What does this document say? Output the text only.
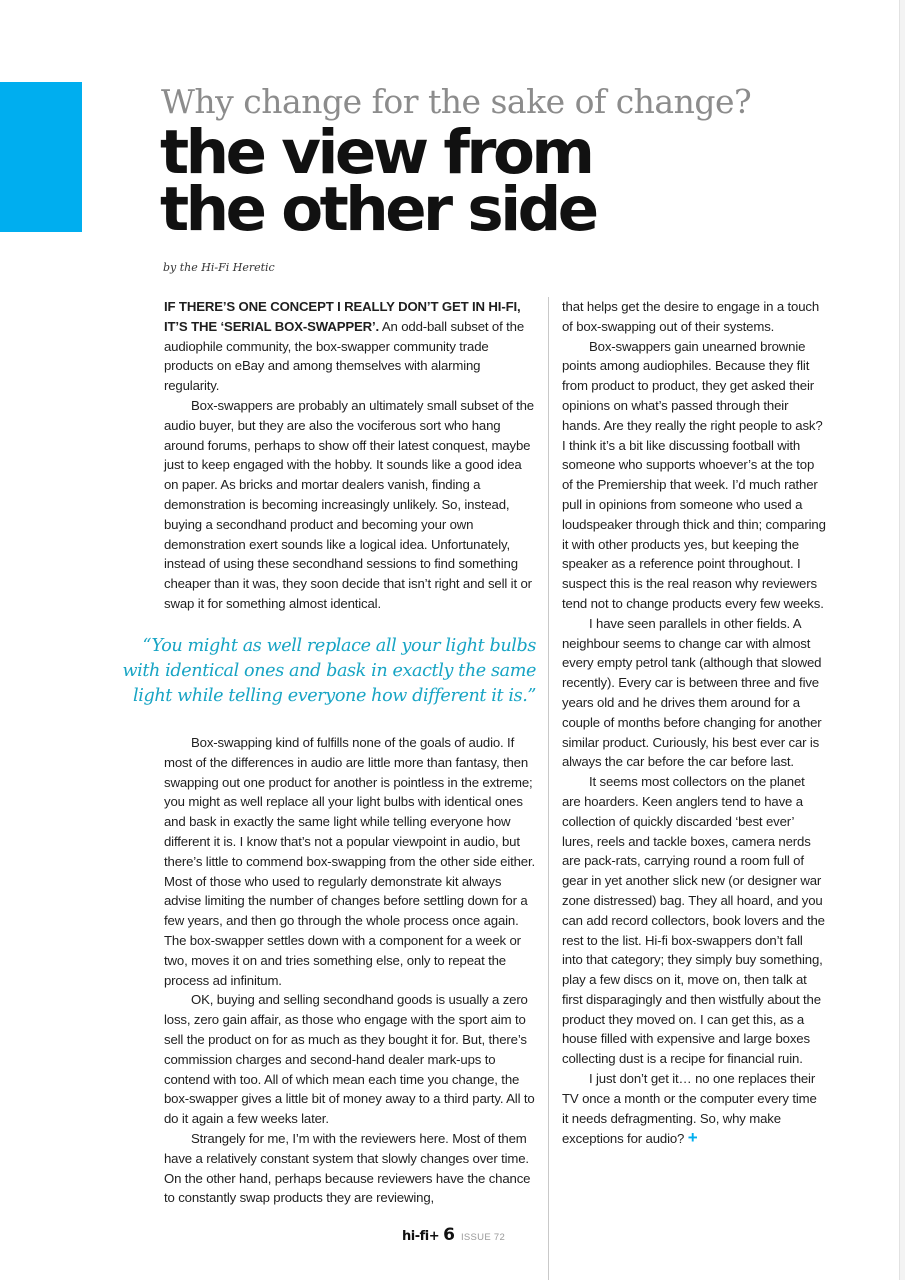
Why change for the sake of change?
the view from
the other side

by the Hi-Fi Heretic

IF THERE’S ONE CONCEPT I REALLY DON’T GET IN HI-FI, IT’S THE ‘SERIAL BOX-SWAPPER’. An odd-ball subset of the audiophile community, the box-swapper community trade products on eBay and among themselves with alarming regularity.

Box-swappers are probably an ultimately small subset of the audio buyer, but they are also the vociferous sort who hang around forums, perhaps to show off their latest conquest, maybe just to keep engaged with the hobby. It sounds like a good idea on paper. As bricks and mortar dealers vanish, finding a demonstration is becoming increasingly unlikely. So, instead, buying a secondhand product and becoming your own demonstration exert sounds like a logical idea. Unfortunately, instead of using these secondhand sessions to find something cheaper than it was, they soon decide that isn’t right and sell it or swap it for something almost identical.

“You might as well replace all your light bulbs
with identical ones and bask in exactly the same
light while telling everyone how different it is.”

Box-swapping kind of fulfills none of the goals of audio. If most of the differences in audio are little more than fantasy, then swapping out one product for another is pointless in the extreme; you might as well replace all your light bulbs with identical ones and bask in exactly the same light while telling everyone how different it is. I know that’s not a popular viewpoint in audio, but there’s little to commend box-swapping from the other side either. Most of those who used to regularly demonstrate kit always advise limiting the number of changes before settling down for a few years, and then go through the whole process once again. The box-swapper settles down with a component for a week or two, moves it on and tries something else, only to repeat the process ad infinitum.

OK, buying and selling secondhand goods is usually a zero loss, zero gain affair, as those who engage with the sport aim to sell the product on for as much as they bought it for. But, there’s commission charges and second-hand dealer mark-ups to contend with too. All of which mean each time you change, the box-swapper gives a little bit of money away to a third party. All to do it again a few weeks later.

Strangely for me, I’m with the reviewers here. Most of them have a relatively constant system that slowly changes over time. On the other hand, perhaps because reviewers have the chance to constantly swap products they are reviewing,

that helps get the desire to engage in a touch of box-swapping out of their systems.

Box-swappers gain unearned brownie points among audiophiles. Because they flit from product to product, they get asked their opinions on what’s passed through their hands. Are they really the right people to ask? I think it’s a bit like discussing football with someone who supports whoever’s at the top of the Premiership that week. I’d much rather pull in opinions from someone who used a loudspeaker through thick and thin; comparing it with other products yes, but keeping the speaker as a reference point throughout. I suspect this is the real reason why reviewers tend not to change products every few weeks.

I have seen parallels in other fields. A neighbour seems to change car with almost every empty petrol tank (although that slowed recently). Every car is between three and five years old and he drives them around for a couple of months before changing for another similar product. Curiously, his best ever car is always the car before the car before last.

It seems most collectors on the planet are hoarders. Keen anglers tend to have a collection of quickly discarded ‘best ever’ lures, reels and tackle boxes, camera nerds are pack-rats, carrying round a room full of gear in yet another slick new (or designer war zone distressed) bag. They all hoard, and you can add record collectors, book lovers and the rest to the list. Hi-fi box-swappers don’t fall into that category; they simply buy something, play a few discs on it, move on, then talk at first disparagingly and then wistfully about the product they moved on. I can get this, as a house filled with expensive and large boxes collecting dust is a recipe for financial ruin.

I just don’t get it… no one replaces their TV once a month or the computer every time it needs defragmenting. So, why make exceptions for audio? +

hi-fi+ 6 ISSUE 72
